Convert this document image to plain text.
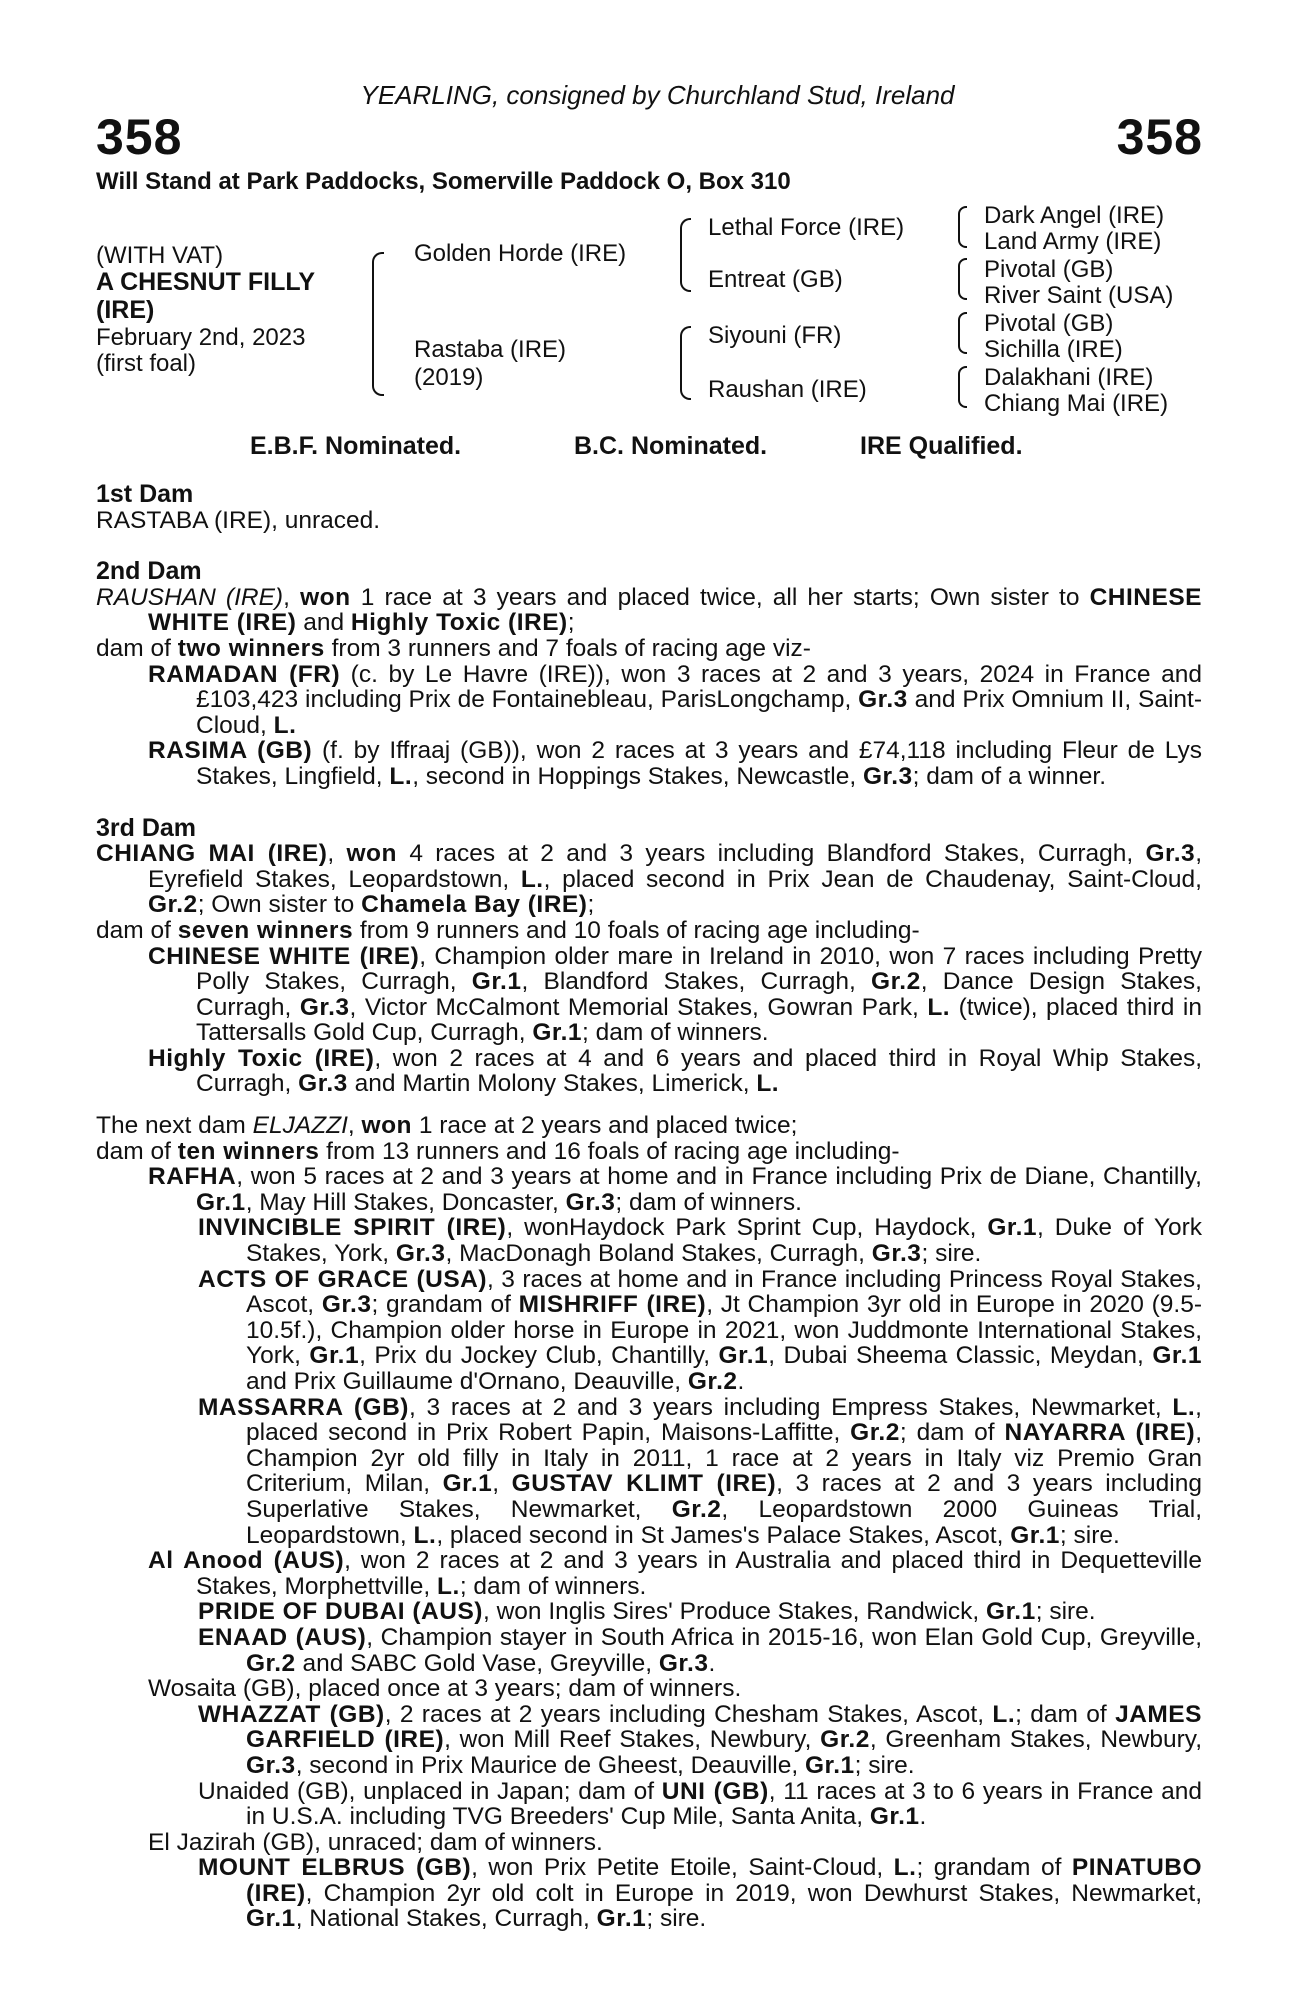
YEARLING, consigned by Churchland Stud, Ireland
358	358
Will Stand at Park Paddocks, Somerville Paddock O, Box 310
(WITH VAT)
A CHESNUT FILLY
(IRE)
February 2nd, 2023
(first foal)
Golden Horde (IRE)
Rastaba (IRE)
(2019)
Lethal Force (IRE)
Entreat (GB)
Siyouni (FR)
Raushan (IRE)
Dark Angel (IRE)
Land Army (IRE)
Pivotal (GB)
River Saint (USA)
Pivotal (GB)
Sichilla (IRE)
Dalakhani (IRE)
Chiang Mai (IRE)
E.B.F. Nominated.	B.C. Nominated.	IRE Qualified.
1st Dam

RASTABA (IRE), unraced.

2nd Dam

RAUSHAN (IRE), won 1 race at 3 years and placed twice, all her starts; Own sister to CHINESE WHITE (IRE) and Highly Toxic (IRE);

dam of two winners from 3 runners and 7 foals of racing age viz-

RAMADAN (FR) (c. by Le Havre (IRE)), won 3 races at 2 and 3 years, 2024 in France and £103,423 including Prix de Fontainebleau, ParisLongchamp, Gr.3 and Prix Omnium II, Saint-Cloud, L.

RASIMA (GB) (f. by Iffraaj (GB)), won 2 races at 3 years and £74,118 including Fleur de Lys Stakes, Lingfield, L., second in Hoppings Stakes, Newcastle, Gr.3; dam of a winner.

3rd Dam

CHIANG MAI (IRE), won 4 races at 2 and 3 years including Blandford Stakes, Curragh, Gr.3, Eyrefield Stakes, Leopardstown, L., placed second in Prix Jean de Chaudenay, Saint-Cloud, Gr.2; Own sister to Chamela Bay (IRE);

dam of seven winners from 9 runners and 10 foals of racing age including-

CHINESE WHITE (IRE), Champion older mare in Ireland in 2010, won 7 races including Pretty Polly Stakes, Curragh, Gr.1, Blandford Stakes, Curragh, Gr.2, Dance Design Stakes, Curragh, Gr.3, Victor McCalmont Memorial Stakes, Gowran Park, L. (twice), placed third in Tattersalls Gold Cup, Curragh, Gr.1; dam of winners.

Highly Toxic (IRE), won 2 races at 4 and 6 years and placed third in Royal Whip Stakes, Curragh, Gr.3 and Martin Molony Stakes, Limerick, L.

The next dam ELJAZZI, won 1 race at 2 years and placed twice;

dam of ten winners from 13 runners and 16 foals of racing age including-

RAFHA, won 5 races at 2 and 3 years at home and in France including Prix de Diane, Chantilly, Gr.1, May Hill Stakes, Doncaster, Gr.3; dam of winners.

INVINCIBLE SPIRIT (IRE), wonHaydock Park Sprint Cup, Haydock, Gr.1, Duke of York Stakes, York, Gr.3, MacDonagh Boland Stakes, Curragh, Gr.3; sire.

ACTS OF GRACE (USA), 3 races at home and in France including Princess Royal Stakes, Ascot, Gr.3; grandam of MISHRIFF (IRE), Jt Champion 3yr old in Europe in 2020 (9.5-10.5f.), Champion older horse in Europe in 2021, won Juddmonte International Stakes, York, Gr.1, Prix du Jockey Club, Chantilly, Gr.1, Dubai Sheema Classic, Meydan, Gr.1 and Prix Guillaume d'Ornano, Deauville, Gr.2.

MASSARRA (GB), 3 races at 2 and 3 years including Empress Stakes, Newmarket, L., placed second in Prix Robert Papin, Maisons-Laffitte, Gr.2; dam of NAYARRA (IRE), Champion 2yr old filly in Italy in 2011, 1 race at 2 years in Italy viz Premio Gran Criterium, Milan, Gr.1, GUSTAV KLIMT (IRE), 3 races at 2 and 3 years including Superlative Stakes, Newmarket, Gr.2, Leopardstown 2000 Guineas Trial, Leopardstown, L., placed second in St James's Palace Stakes, Ascot, Gr.1; sire.

Al Anood (AUS), won 2 races at 2 and 3 years in Australia and placed third in Dequetteville Stakes, Morphettville, L.; dam of winners.

PRIDE OF DUBAI (AUS), won Inglis Sires' Produce Stakes, Randwick, Gr.1; sire.

ENAAD (AUS), Champion stayer in South Africa in 2015-16, won Elan Gold Cup, Greyville, Gr.2 and SABC Gold Vase, Greyville, Gr.3.

Wosaita (GB), placed once at 3 years; dam of winners.

WHAZZAT (GB), 2 races at 2 years including Chesham Stakes, Ascot, L.; dam of JAMES GARFIELD (IRE), won Mill Reef Stakes, Newbury, Gr.2, Greenham Stakes, Newbury, Gr.3, second in Prix Maurice de Gheest, Deauville, Gr.1; sire.

Unaided (GB), unplaced in Japan; dam of UNI (GB), 11 races at 3 to 6 years in France and in U.S.A. including TVG Breeders' Cup Mile, Santa Anita, Gr.1.

El Jazirah (GB), unraced; dam of winners.

MOUNT ELBRUS (GB), won Prix Petite Etoile, Saint-Cloud, L.; grandam of PINATUBO (IRE), Champion 2yr old colt in Europe in 2019, won Dewhurst Stakes, Newmarket, Gr.1, National Stakes, Curragh, Gr.1; sire.
